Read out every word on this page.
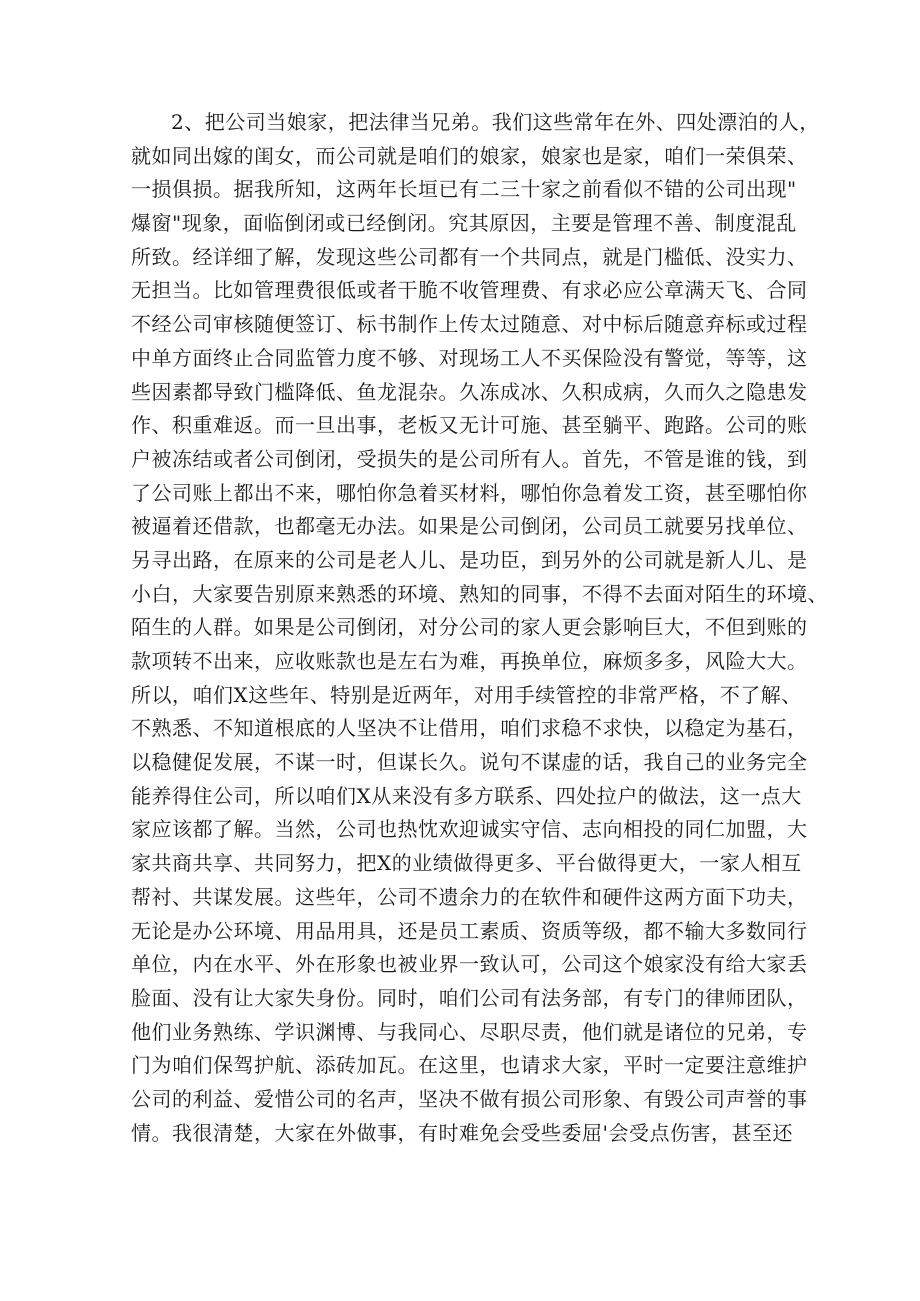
2、把公司当娘家，把法律当兄弟。我们这些常年在外、四处漂泊的人，
就如同出嫁的闺女，而公司就是咱们的娘家，娘家也是家，咱们一荣俱荣、
一损俱损。据我所知，这两年长垣已有二三十家之前看似不错的公司出现"
爆窗"现象，面临倒闭或已经倒闭。究其原因，主要是管理不善、制度混乱
所致。经详细了解，发现这些公司都有一个共同点，就是门槛低、没实力、
无担当。比如管理费很低或者干脆不收管理费、有求必应公章满天飞、合同
不经公司审核随便签订、标书制作上传太过随意、对中标后随意弃标或过程
中单方面终止合同监管力度不够、对现场工人不买保险没有警觉，等等，这
些因素都导致门槛降低、鱼龙混杂。久冻成冰、久积成病，久而久之隐患发
作、积重难返。而一旦出事，老板又无计可施、甚至躺平、跑路。公司的账
户被冻结或者公司倒闭，受损失的是公司所有人。首先，不管是谁的钱，到
了公司账上都出不来，哪怕你急着买材料，哪怕你急着发工资，甚至哪怕你
被逼着还借款，也都毫无办法。如果是公司倒闭，公司员工就要另找单位、
另寻出路，在原来的公司是老人儿、是功臣，到另外的公司就是新人儿、是
小白，大家要告别原来熟悉的环境、熟知的同事，不得不去面对陌生的环境、
陌生的人群。如果是公司倒闭，对分公司的家人更会影响巨大，不但到账的
款项转不出来，应收账款也是左右为难，再换单位，麻烦多多，风险大大。
所以，咱们X这些年、特别是近两年，对用手续管控的非常严格，不了解、
不熟悉、不知道根底的人坚决不让借用，咱们求稳不求快，以稳定为基石，
以稳健促发展，不谋一时，但谋长久。说句不谋虚的话，我自己的业务完全
能养得住公司，所以咱们X从来没有多方联系、四处拉户的做法，这一点大
家应该都了解。当然，公司也热忱欢迎诚实守信、志向相投的同仁加盟，大
家共商共享、共同努力，把X的业绩做得更多、平台做得更大，一家人相互
帮衬、共谋发展。这些年，公司不遗余力的在软件和硬件这两方面下功夫，
无论是办公环境、用品用具，还是员工素质、资质等级，都不输大多数同行
单位，内在水平、外在形象也被业界一致认可，公司这个娘家没有给大家丢
脸面、没有让大家失身份。同时，咱们公司有法务部，有专门的律师团队，
他们业务熟练、学识渊博、与我同心、尽职尽责，他们就是诸位的兄弟，专
门为咱们保驾护航、添砖加瓦。在这里，也请求大家，平时一定要注意维护
公司的利益、爱惜公司的名声，坚决不做有损公司形象、有毁公司声誉的事
情。我很清楚，大家在外做事，有时难免会受些委屈'会受点伤害，甚至还
